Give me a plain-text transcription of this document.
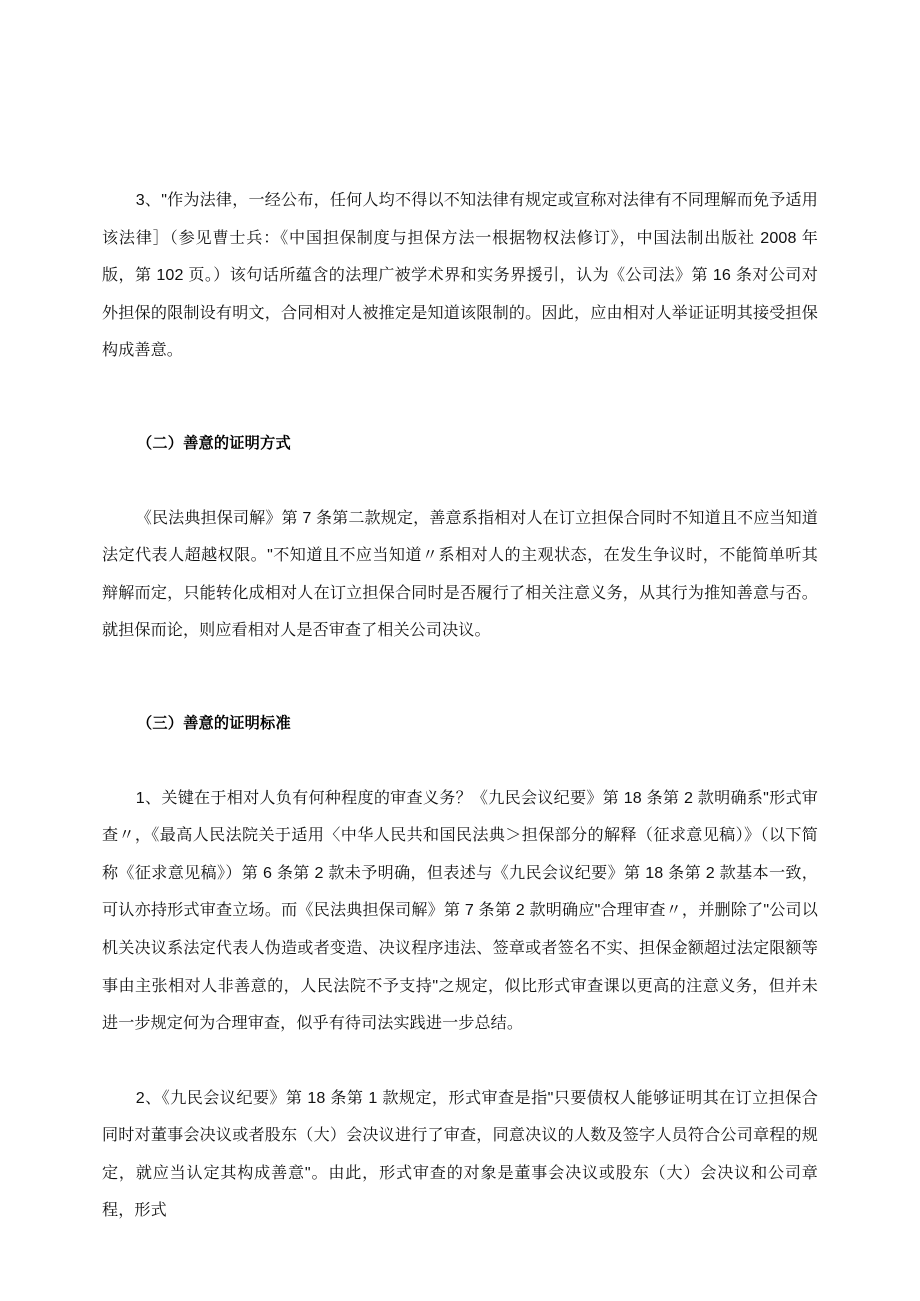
3、"作为法律，一经公布，任何人均不得以不知法律有规定或宣称对法律有不同理解而免予适用该法律］（参见曹士兵：《中国担保制度与担保方法一根据物权法修订》，中国法制出版社 2008 年版，第 102 页。）该句话所蕴含的法理广被学术界和实务界援引，认为《公司法》第 16 条对公司对外担保的限制设有明文，合同相对人被推定是知道该限制的。因此，应由相对人举证证明其接受担保构成善意。

（二）善意的证明方式

《民法典担保司解》第 7 条第二款规定，善意系指相对人在订立担保合同时不知道且不应当知道法定代表人超越权限。"不知道且不应当知道〃系相对人的主观状态，在发生争议时，不能简单听其辩解而定，只能转化成相对人在订立担保合同时是否履行了相关注意义务，从其行为推知善意与否。就担保而论，则应看相对人是否审查了相关公司决议。

（三）善意的证明标准

1、关键在于相对人负有何种程度的审查义务？《九民会议纪要》第 18 条第 2 款明确系"形式审查〃，《最高人民法院关于适用〈中华人民共和国民法典＞担保部分的解释（征求意见稿）》（以下简称《征求意见稿》）第 6 条第 2 款未予明确，但表述与《九民会议纪要》第 18 条第 2 款基本一致，可认亦持形式审查立场。而《民法典担保司解》第 7 条第 2 款明确应"合理审查〃，并删除了"公司以机关决议系法定代表人伪造或者变造、决议程序违法、签章或者签名不实、担保金额超过法定限额等事由主张相对人非善意的，人民法院不予支持"之规定，似比形式审查课以更高的注意义务，但并未进一步规定何为合理审查，似乎有待司法实践进一步总结。

2、《九民会议纪要》第 18 条第 1 款规定，形式审查是指"只要债权人能够证明其在订立担保合同时对董事会决议或者股东（大）会决议进行了审查，同意决议的人数及签字人员符合公司章程的规定，就应当认定其构成善意"。由此，形式审查的对象是董事会决议或股东（大）会决议和公司章程，形式
